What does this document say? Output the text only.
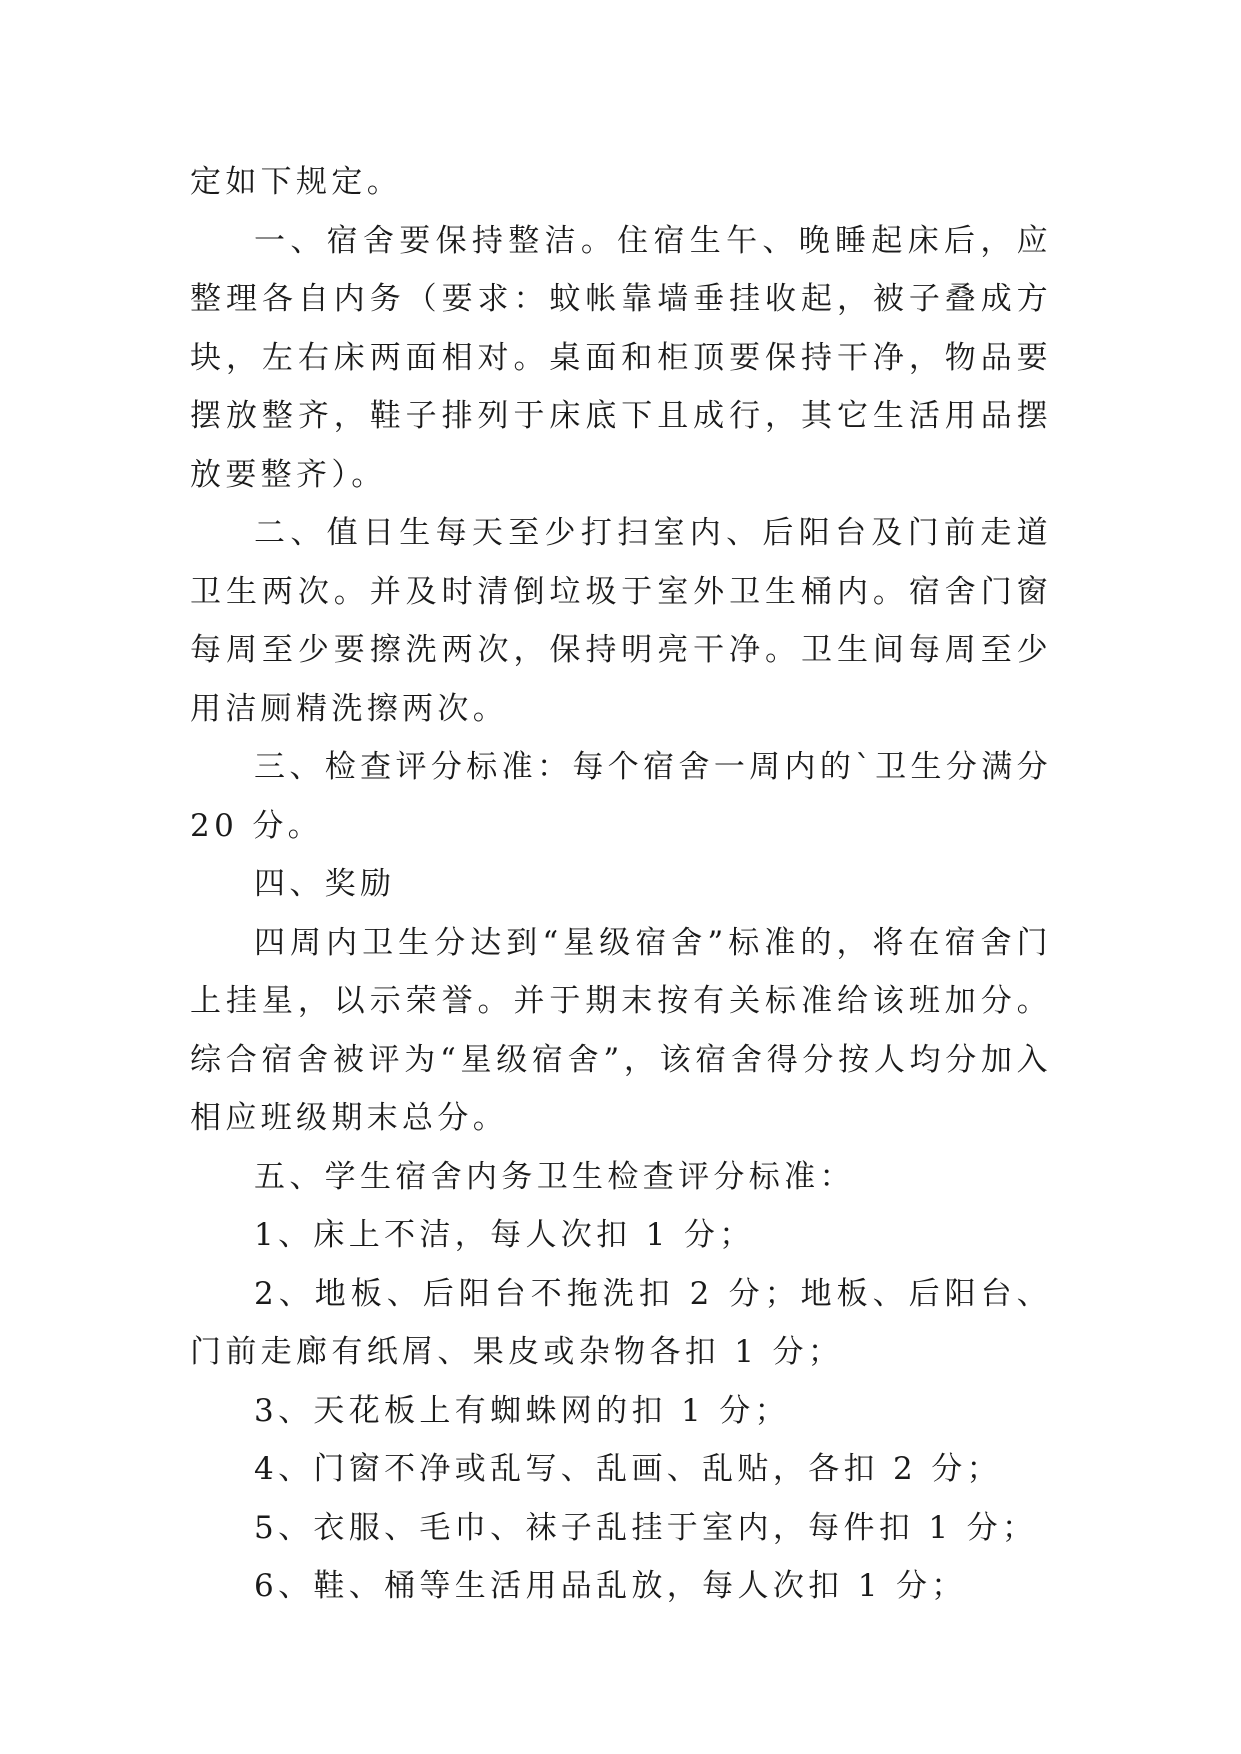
定如下规定。

一、宿舍要保持整洁。住宿生午、晚睡起床后，应整理各自内务（要求：蚊帐靠墙垂挂收起，被子叠成方块，左右床两面相对。桌面和柜顶要保持干净，物品要摆放整齐，鞋子排列于床底下且成行，其它生活用品摆放要整齐）。

二、值日生每天至少打扫室内、后阳台及门前走道卫生两次。并及时清倒垃圾于室外卫生桶内。宿舍门窗每周至少要擦洗两次，保持明亮干净。卫生间每周至少用洁厕精洗擦两次。

三、检查评分标准：每个宿舍一周内的`卫生分满分 20 分。

四、奖励

四周内卫生分达到“星级宿舍”标准的，将在宿舍门上挂星，以示荣誉。并于期末按有关标准给该班加分。综合宿舍被评为“星级宿舍”，该宿舍得分按人均分加入相应班级期末总分。

五、学生宿舍内务卫生检查评分标准：

1、床上不洁，每人次扣 1 分；

2、地板、后阳台不拖洗扣 2 分；地板、后阳台、门前走廊有纸屑、果皮或杂物各扣 1 分；

3、天花板上有蜘蛛网的扣 1 分；

4、门窗不净或乱写、乱画、乱贴，各扣 2 分；

5、衣服、毛巾、袜子乱挂于室内，每件扣 1 分；

6、鞋、桶等生活用品乱放，每人次扣 1 分；
